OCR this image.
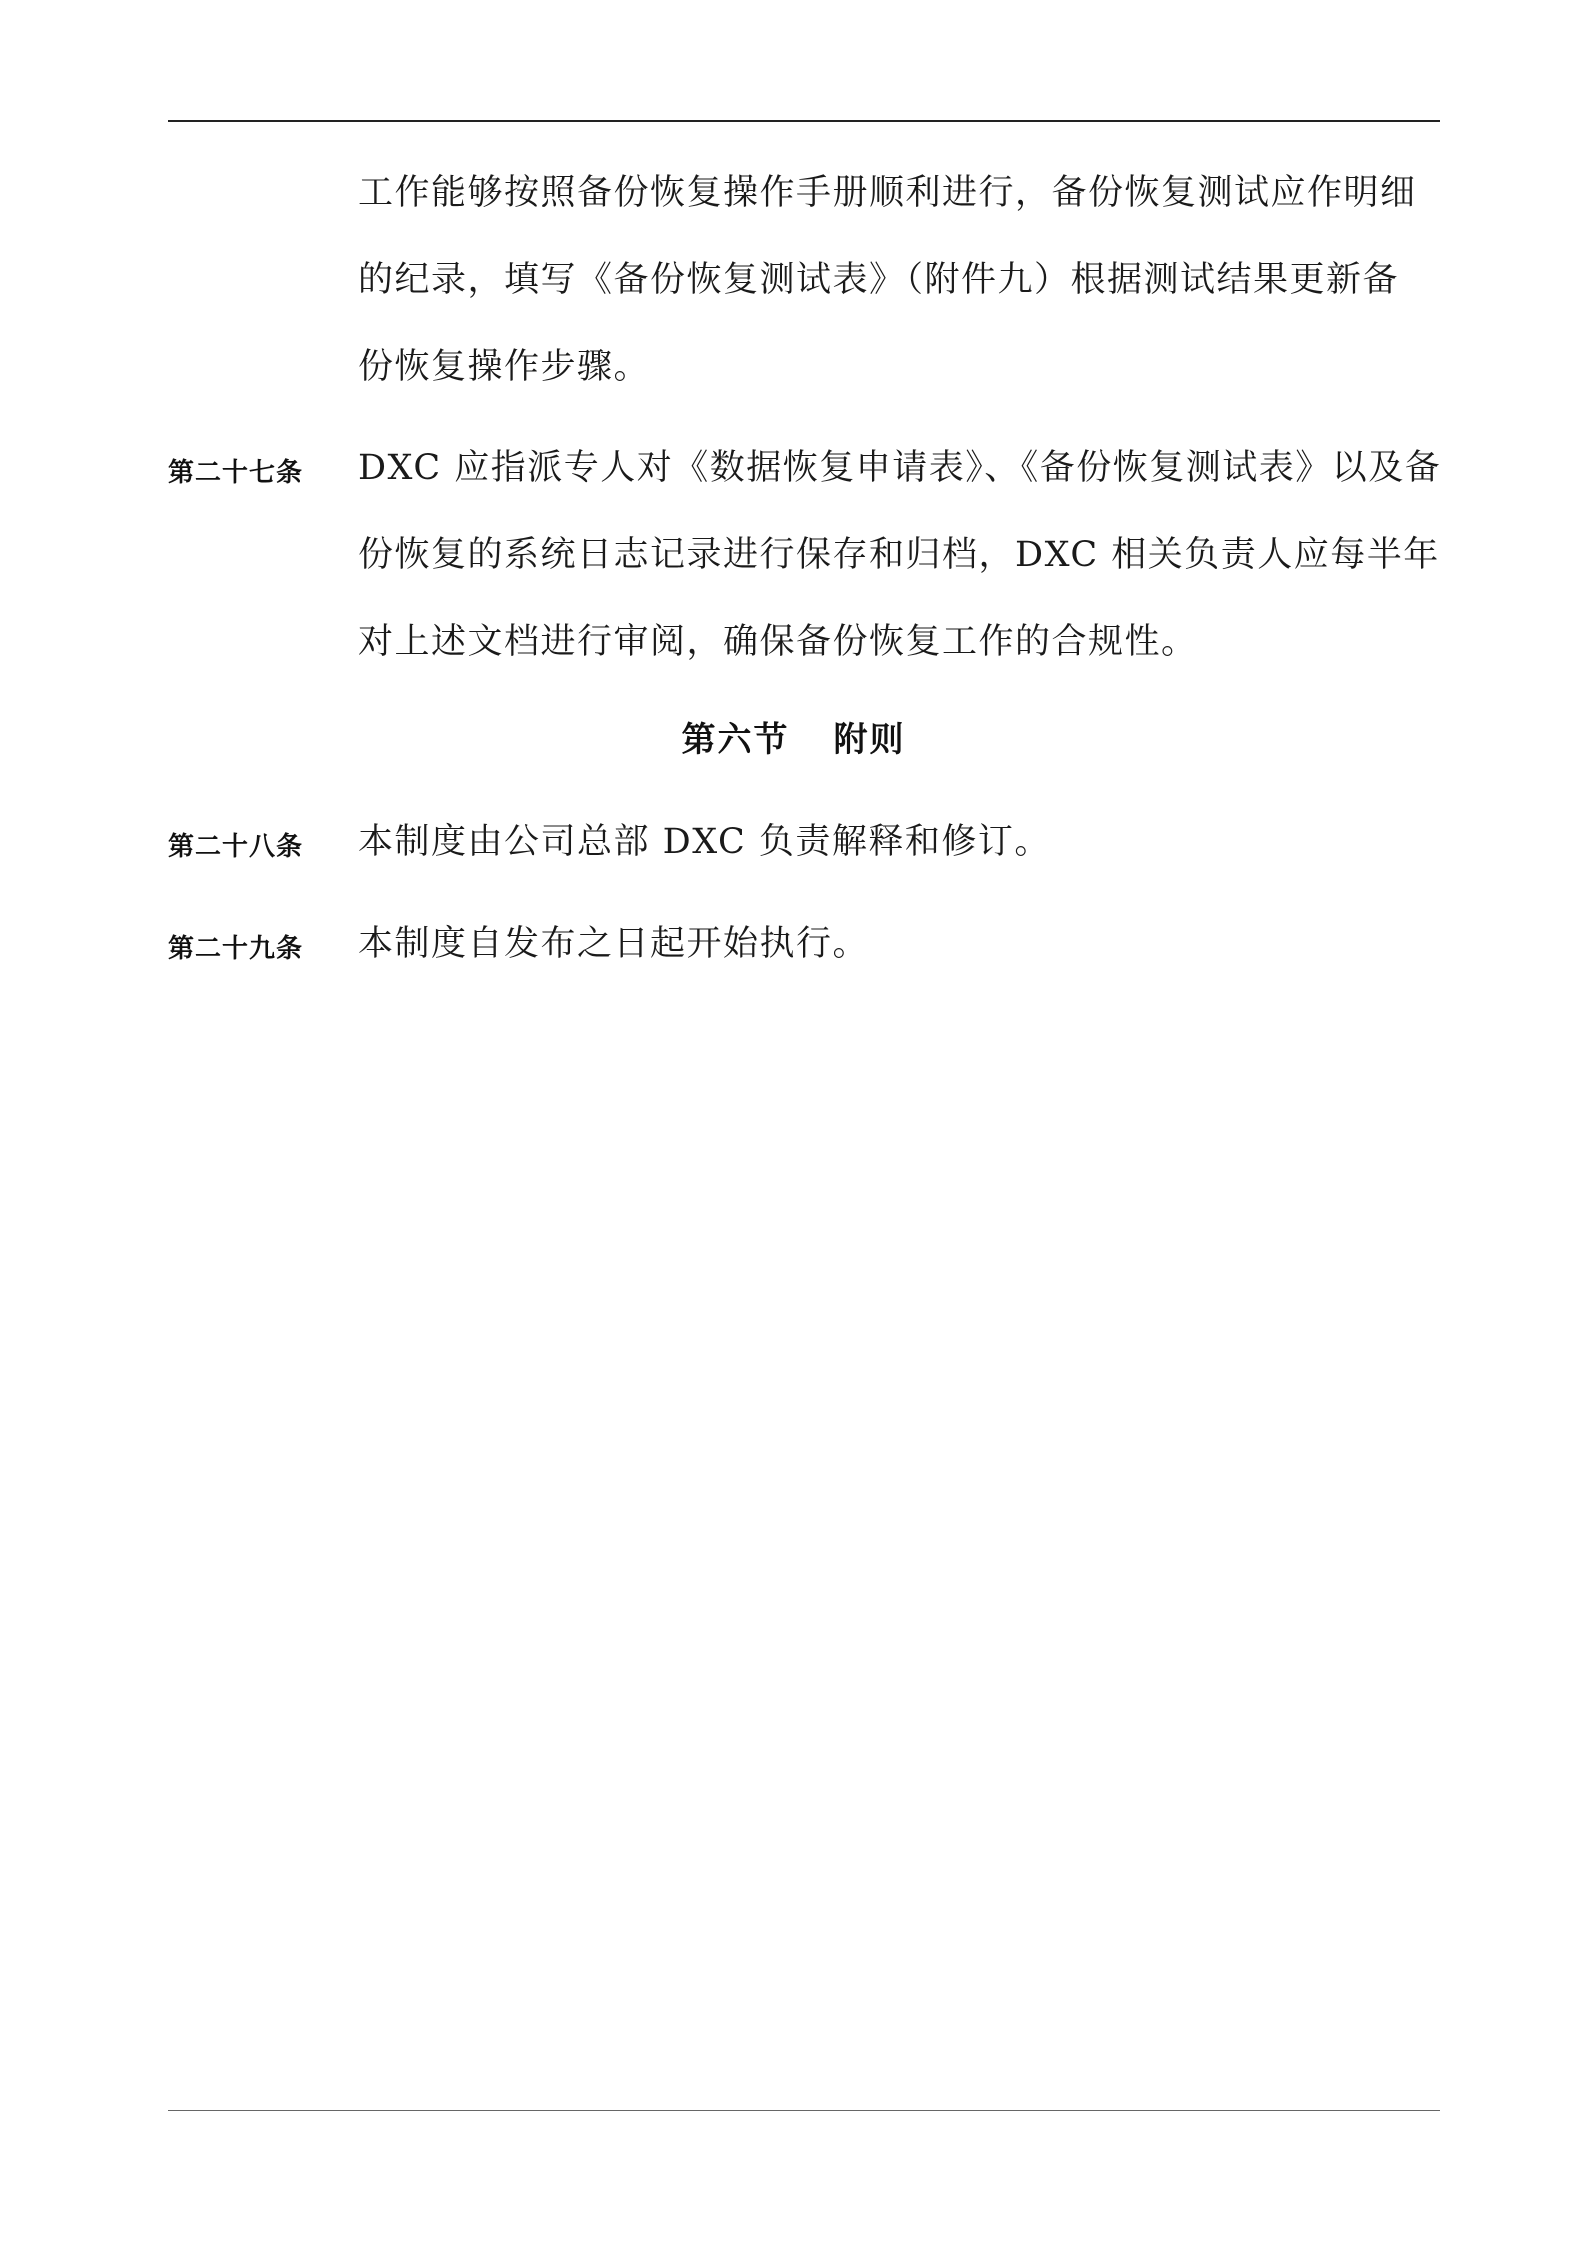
工作能够按照备份恢复操作手册顺利进行，备份恢复测试应作明细
的纪录，填写《备份恢复测试表》（附件九）根据测试结果更新备
份恢复操作步骤。
第二十七条 DXC 应指派专人对《数据恢复申请表》、《备份恢复测试表》以及备
份恢复的系统日志记录进行保存和归档，DXC 相关负责人应每半年
对上述文档进行审阅，确保备份恢复工作的合规性。
第六节 附则
第二十八条 本制度由公司总部 DXC 负责解释和修订。
第二十九条 本制度自发布之日起开始执行。
